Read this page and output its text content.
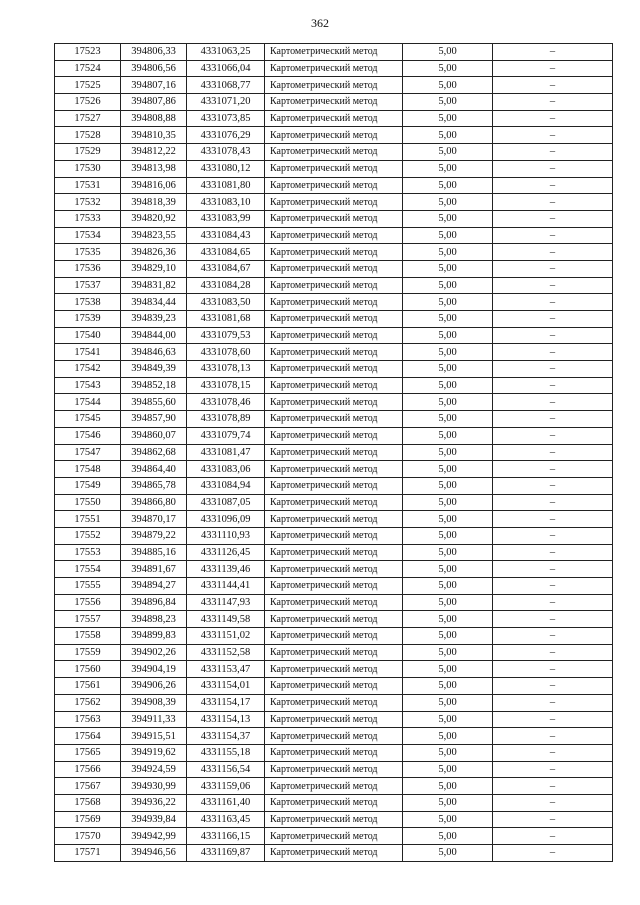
362
17523	394806,33	4331063,25	Картометрический метод	5,00	–
17524	394806,56	4331066,04	Картометрический метод	5,00	–
17525	394807,16	4331068,77	Картометрический метод	5,00	–
17526	394807,86	4331071,20	Картометрический метод	5,00	–
17527	394808,88	4331073,85	Картометрический метод	5,00	–
17528	394810,35	4331076,29	Картометрический метод	5,00	–
17529	394812,22	4331078,43	Картометрический метод	5,00	–
17530	394813,98	4331080,12	Картометрический метод	5,00	–
17531	394816,06	4331081,80	Картометрический метод	5,00	–
17532	394818,39	4331083,10	Картометрический метод	5,00	–
17533	394820,92	4331083,99	Картометрический метод	5,00	–
17534	394823,55	4331084,43	Картометрический метод	5,00	–
17535	394826,36	4331084,65	Картометрический метод	5,00	–
17536	394829,10	4331084,67	Картометрический метод	5,00	–
17537	394831,82	4331084,28	Картометрический метод	5,00	–
17538	394834,44	4331083,50	Картометрический метод	5,00	–
17539	394839,23	4331081,68	Картометрический метод	5,00	–
17540	394844,00	4331079,53	Картометрический метод	5,00	–
17541	394846,63	4331078,60	Картометрический метод	5,00	–
17542	394849,39	4331078,13	Картометрический метод	5,00	–
17543	394852,18	4331078,15	Картометрический метод	5,00	–
17544	394855,60	4331078,46	Картометрический метод	5,00	–
17545	394857,90	4331078,89	Картометрический метод	5,00	–
17546	394860,07	4331079,74	Картометрический метод	5,00	–
17547	394862,68	4331081,47	Картометрический метод	5,00	–
17548	394864,40	4331083,06	Картометрический метод	5,00	–
17549	394865,78	4331084,94	Картометрический метод	5,00	–
17550	394866,80	4331087,05	Картометрический метод	5,00	–
17551	394870,17	4331096,09	Картометрический метод	5,00	–
17552	394879,22	4331110,93	Картометрический метод	5,00	–
17553	394885,16	4331126,45	Картометрический метод	5,00	–
17554	394891,67	4331139,46	Картометрический метод	5,00	–
17555	394894,27	4331144,41	Картометрический метод	5,00	–
17556	394896,84	4331147,93	Картометрический метод	5,00	–
17557	394898,23	4331149,58	Картометрический метод	5,00	–
17558	394899,83	4331151,02	Картометрический метод	5,00	–
17559	394902,26	4331152,58	Картометрический метод	5,00	–
17560	394904,19	4331153,47	Картометрический метод	5,00	–
17561	394906,26	4331154,01	Картометрический метод	5,00	–
17562	394908,39	4331154,17	Картометрический метод	5,00	–
17563	394911,33	4331154,13	Картометрический метод	5,00	–
17564	394915,51	4331154,37	Картометрический метод	5,00	–
17565	394919,62	4331155,18	Картометрический метод	5,00	–
17566	394924,59	4331156,54	Картометрический метод	5,00	–
17567	394930,99	4331159,06	Картометрический метод	5,00	–
17568	394936,22	4331161,40	Картометрический метод	5,00	–
17569	394939,84	4331163,45	Картометрический метод	5,00	–
17570	394942,99	4331166,15	Картометрический метод	5,00	–
17571	394946,56	4331169,87	Картометрический метод	5,00	–
